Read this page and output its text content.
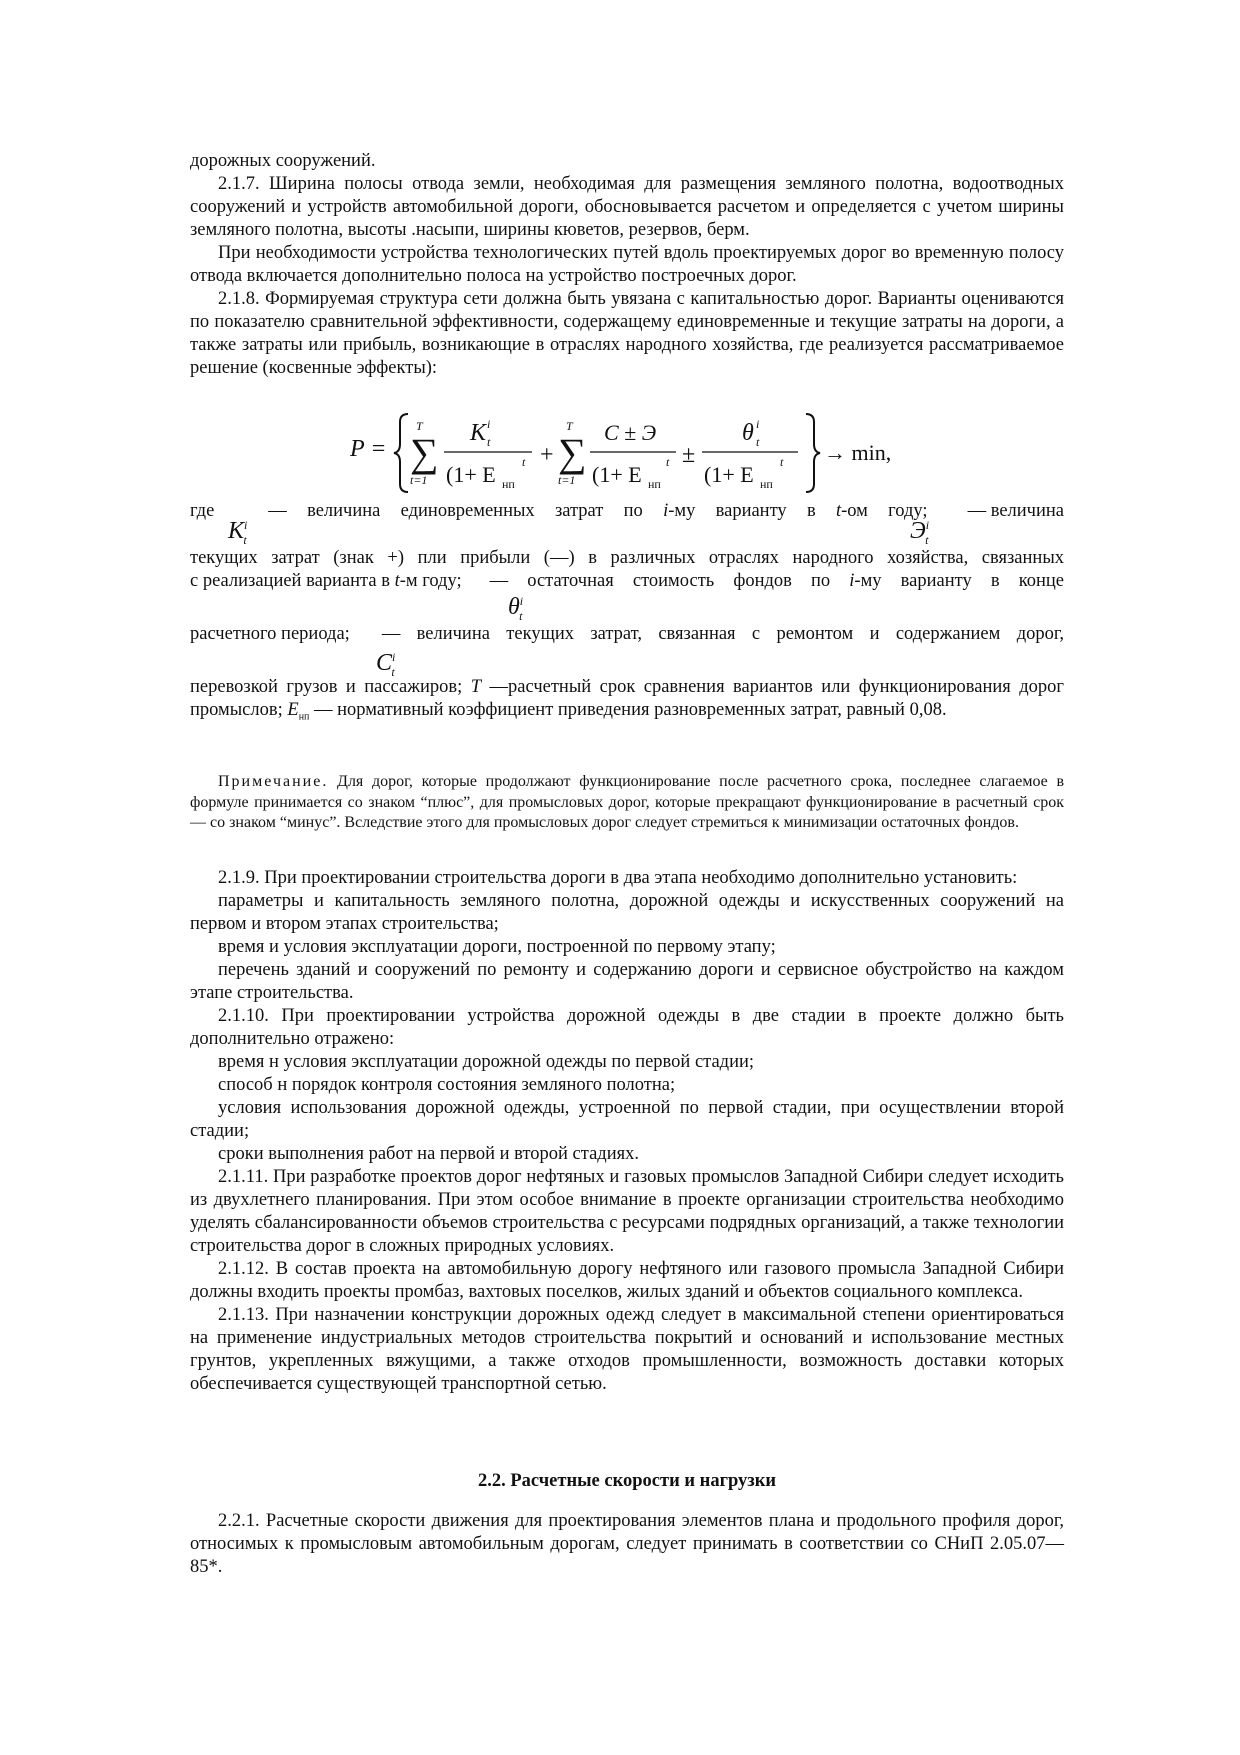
дорожных сооружений.

2.1.7. Ширина полосы отвода земли, необходимая для размещения земляного полотна, водоотводных сооружений и устройств автомобильной дороги, обосновывается расчетом и определяется с учетом ширины земляного полотна, высоты .насыпи, ширины кюветов, резервов, берм.

При необходимости устройства технологических путей вдоль проектируемых дорог во временную полосу отвода включается дополнительно полоса на устройство построечных дорог.

2.1.8. Формируемая структура сети должна быть увязана с капитальностью дорог. Варианты оцениваются по показателю сравнительной эффективности, содержащему единовременные и текущие затраты на дороги, а также затраты или прибыль, возникающие в отраслях народного хозяйства, где реализуется рассматриваемое решение (косвенные эффекты):

P =
T
∑
t=1
K i
t
(1+ E нп
t +
T
∑
t=1
C ± Э
(1+ E нп
t ±
θ i
t
(1+ E нп
t → min,
где	— величина единовременных затрат по i-му варианту в t-ом году; — величина
текущих затрат (знак +) пли прибыли (—) в различных отраслях народного хозяйства, связанных
с реализацией варианта в t-м году; — остаточная стоимость фондов по i-му варианту в конце
расчетного периода; — величина текущих затрат, связанная с ремонтом и содержанием дорог,

перевозкой грузов и пассажиров; T —расчетный срок сравнения вариантов или функционирования дорог промыслов; $E_{нп}$ — нормативный коэффициент приведения разновременных затрат, равный 0,08.

$K^i_t$	$Э^i_t$
$\theta^i_t$
$C^i_t$
Примечание. Для дорог, которые продолжают функционирование после расчетного срока, последнее слагаемое в формуле принимается со знаком “плюс”, для промысловых дорог, которые прекращают функционирование в расчетный срок — со знаком “минус”. Вследствие этого для промысловых дорог следует стремиться к минимизации остаточных фондов.

2.1.9. При проектировании строительства дороги в два этапа необходимо дополнительно установить:

параметры и капитальность земляного полотна, дорожной одежды и искусственных сооружений на первом и втором этапах строительства;

время и условия эксплуатации дороги, построенной по первому этапу;

перечень зданий и сооружений по ремонту и содержанию дороги и сервисное обустройство на каждом этапе строительства.

2.1.10. При проектировании устройства дорожной одежды в две стадии в проекте должно быть дополнительно отражено:

время н условия эксплуатации дорожной одежды по первой стадии;

способ н порядок контроля состояния земляного полотна;

условия использования дорожной одежды, устроенной по первой стадии, при осуществлении второй стадии;

сроки выполнения работ на первой и второй стадиях.

2.1.11. При разработке проектов дорог нефтяных и газовых промыслов Западной Сибири следует исходить из двухлетнего планирования. При этом особое внимание в проекте организации строительства необходимо уделять сбалансированности объемов строительства с ресурсами подрядных организаций, а также технологии строительства дорог в сложных природных условиях.

2.1.12. В состав проекта на автомобильную дорогу нефтяного или газового промысла Западной Сибири должны входить проекты промбаз, вахтовых поселков, жилых зданий и объектов социального комплекса.

2.1.13. При назначении конструкции дорожных одежд следует в максимальной степени ориентироваться на применение индустриальных методов строительства покрытий и оснований и использование местных грунтов, укрепленных вяжущими, а также отходов промышленности, возможность доставки которых обеспечивается существующей транспортной сетью.

2.2. Расчетные скорости и нагрузки

2.2.1. Расчетные скорости движения для проектирования элементов плана и продольного профиля дорог, относимых к промысловым автомобильным дорогам, следует принимать в соответствии со СНиП 2.05.07—85*.
